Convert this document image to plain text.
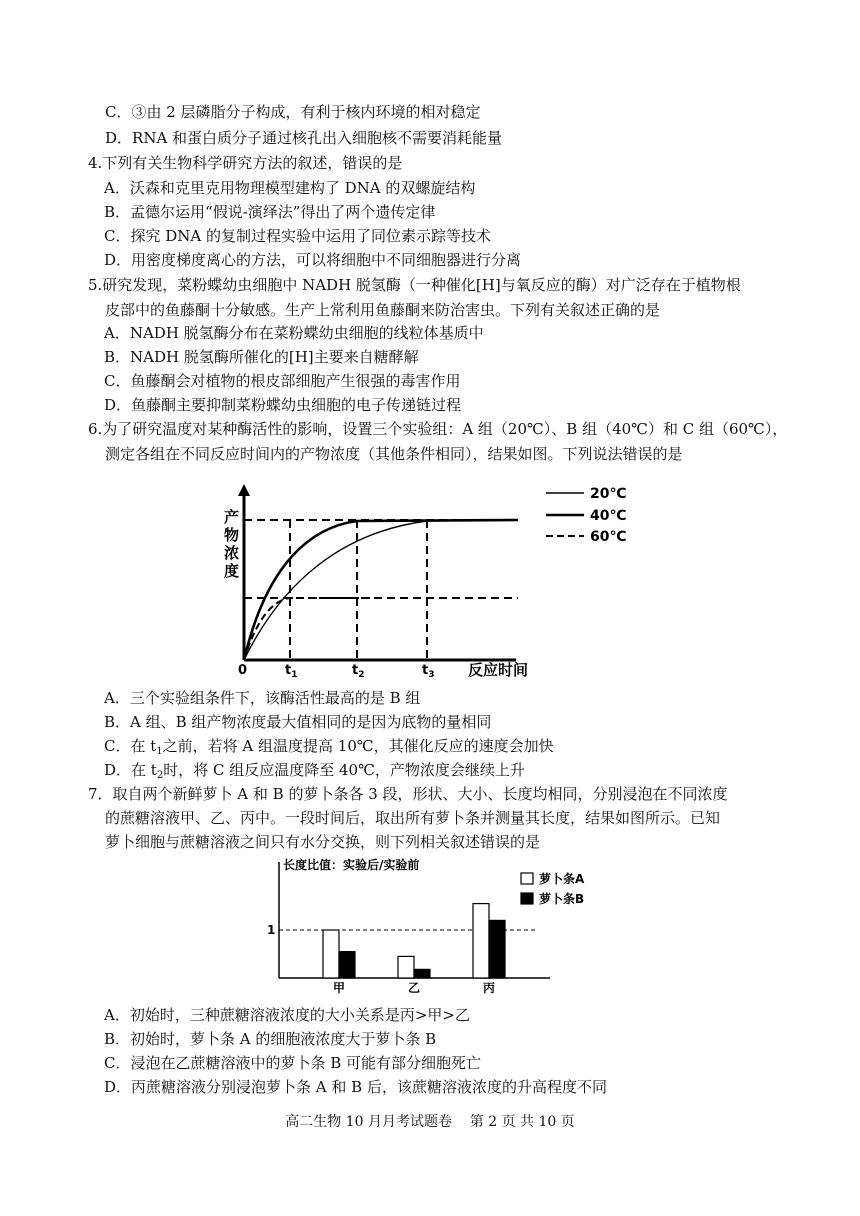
C．③由 2 层磷脂分子构成，有利于核内环境的相对稳定
D．RNA 和蛋白质分子通过核孔出入细胞核不需要消耗能量
4.下列有关生物科学研究方法的叙述，错误的是
A．沃森和克里克用物理模型建构了 DNA 的双螺旋结构
B．孟德尔运用“假说-演绎法”得出了两个遗传定律
C．探究 DNA 的复制过程实验中运用了同位素示踪等技术
D．用密度梯度离心的方法，可以将细胞中不同细胞器进行分离
5.研究发现，菜粉蝶幼虫细胞中 NADH 脱氢酶（一种催化[H]与氧反应的酶）对广泛存在于植物根
皮部中的鱼藤酮十分敏感。生产上常利用鱼藤酮来防治害虫。下列有关叙述正确的是
A．NADH 脱氢酶分布在菜粉蝶幼虫细胞的线粒体基质中
B．NADH 脱氢酶所催化的[H]主要来自糖酵解
C．鱼藤酮会对植物的根皮部细胞产生很强的毒害作用
D．鱼藤酮主要抑制菜粉蝶幼虫细胞的电子传递链过程
6.为了研究温度对某种酶活性的影响，设置三个实验组：A 组（20℃）、B 组（40℃）和 C 组（60℃），
测定各组在不同反应时间内的产物浓度（其他条件相同），结果如图。下列说法错误的是
产物浓度
0	$t_1$	$t_2$	$t_3$ 反应时间
20℃
40℃
60℃
A．三个实验组条件下，该酶活性最高的是 B 组
B．A 组、B 组产物浓度最大值相同的是因为底物的量相同
C．在 $t_1$之前，若将 A 组温度提高 10℃，其催化反应的速度会加快
D．在 $t_2$时，将 C 组反应温度降至 40℃，产物浓度会继续上升
7．取自两个新鲜萝卜 A 和 B 的萝卜条各 3 段，形状、大小、长度均相同，分别浸泡在不同浓度
的蔗糖溶液甲、乙、丙中。一段时间后，取出所有萝卜条并测量其长度，结果如图所示。已知
萝卜细胞与蔗糖溶液之间只有水分交换，则下列相关叙述错误的是
长度比值：实验后/实验前
1
甲	乙	丙
萝卜条A
萝卜条B
A．初始时，三种蔗糖溶液浓度的大小关系是丙>甲>乙
B．初始时，萝卜条 A 的细胞液浓度大于萝卜条 B
C．浸泡在乙蔗糖溶液中的萝卜条 B 可能有部分细胞死亡
D．丙蔗糖溶液分别浸泡萝卜条 A 和 B 后，该蔗糖溶液浓度的升高程度不同
高二生物 10 月月考试题卷 第 2 页 共 10 页
